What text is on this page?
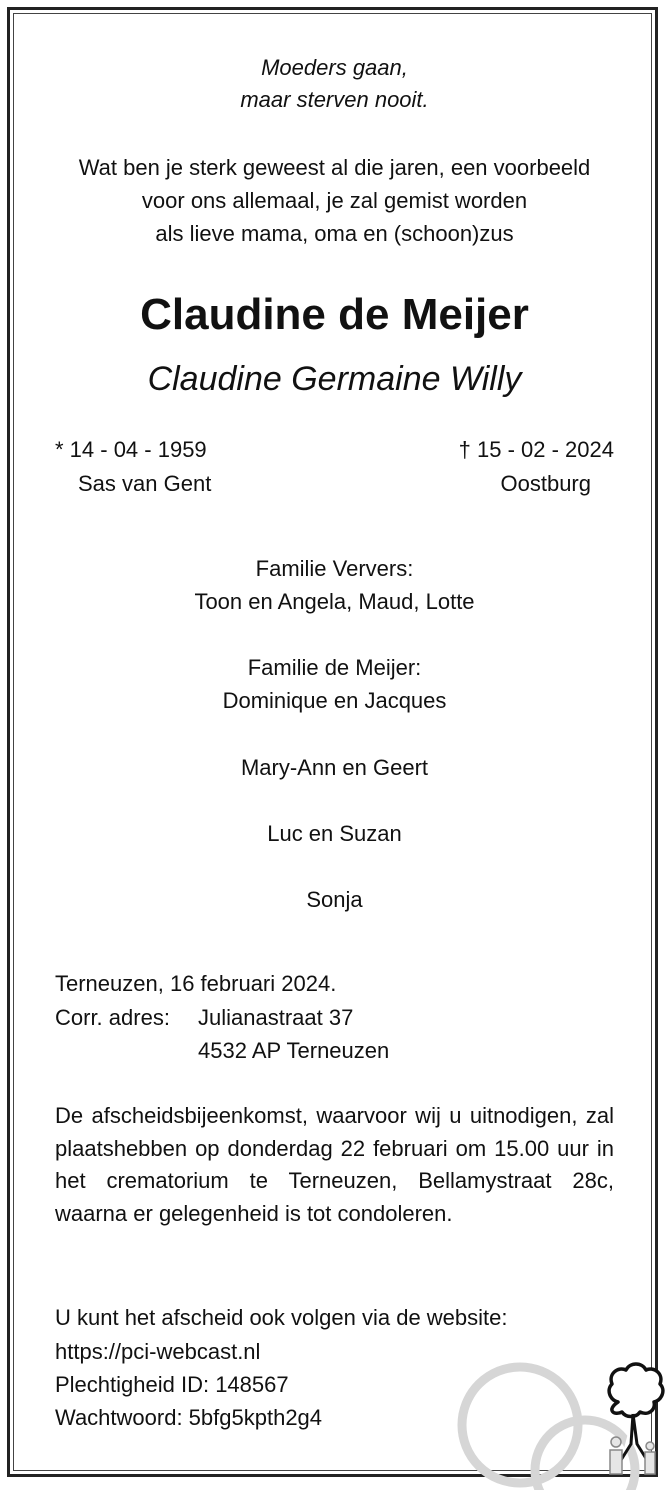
Moeders gaan,
maar sterven nooit.
Wat ben je sterk geweest al die jaren, een voorbeeld
voor ons allemaal, je zal gemist worden
als lieve mama, oma en (schoon)zus
Claudine de Meijer
Claudine Germaine Willy
* 14 - 04 - 1959
Sas van Gent
† 15 - 02 - 2024
Oostburg
Familie Ververs:
Toon en Angela, Maud, Lotte
Familie de Meijer:
Dominique en Jacques
Mary-Ann en Geert
Luc en Suzan
Sonja
Terneuzen, 16 februari 2024.
Corr. adres: Julianastraat 37
4532 AP Terneuzen
De afscheidsbijeenkomst, waarvoor wij u uitnodigen, zal plaatshebben op donderdag 22 februari om 15.00 uur in het crematorium te Terneuzen, Bellamystraat 28c, waarna er gelegenheid is tot condoleren.
U kunt het afscheid ook volgen via de website:
https://pci-webcast.nl
Plechtigheid ID: 148567
Wachtwoord: 5bfg5kpth2g4
